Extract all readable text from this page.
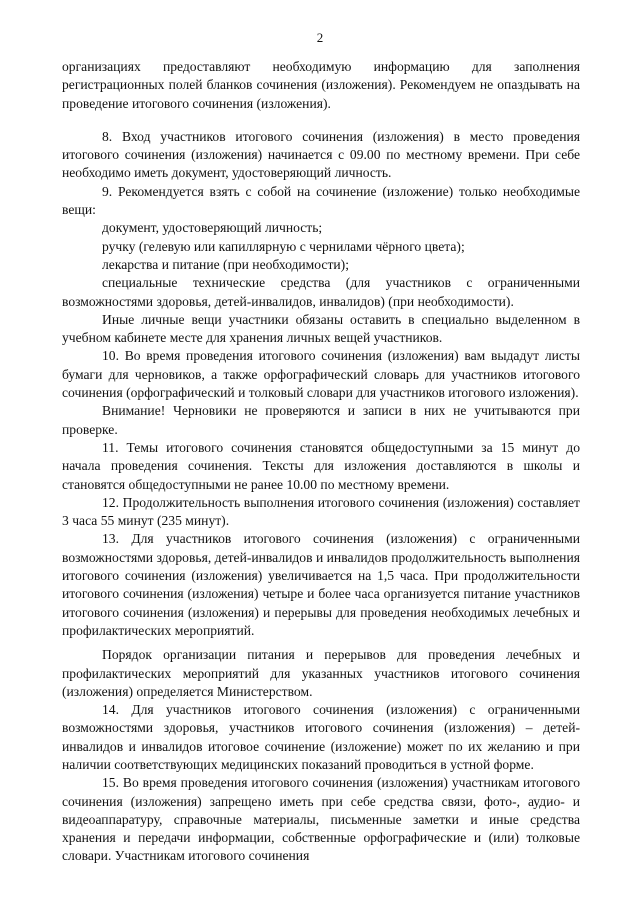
2

организациях предоставляют необходимую информацию для заполнения регистрационных полей бланков сочинения (изложения). Рекомендуем не опаздывать на проведение итогового сочинения (изложения).

8. Вход участников итогового сочинения (изложения) в место проведения итогового сочинения (изложения) начинается с 09.00 по местному времени. При себе необходимо иметь документ, удостоверяющий личность.

9. Рекомендуется взять с собой на сочинение (изложение) только необходимые вещи:

документ, удостоверяющий личность;

ручку (гелевую или капиллярную с чернилами чёрного цвета);

лекарства и питание (при необходимости);

специальные технические средства (для участников с ограниченными возможностями здоровья, детей-инвалидов, инвалидов) (при необходимости).

Иные личные вещи участники обязаны оставить в специально выделенном в учебном кабинете месте для хранения личных вещей участников.

10. Во время проведения итогового сочинения (изложения) вам выдадут листы бумаги для черновиков, а также орфографический словарь для участников итогового сочинения (орфографический и толковый словари для участников итогового изложения).

Внимание! Черновики не проверяются и записи в них не учитываются при проверке.

11. Темы итогового сочинения становятся общедоступными за 15 минут до начала проведения сочинения. Тексты для изложения доставляются в школы и становятся общедоступными не ранее 10.00 по местному времени.

12. Продолжительность выполнения итогового сочинения (изложения) составляет 3 часа 55 минут (235 минут).

13. Для участников итогового сочинения (изложения) с ограниченными возможностями здоровья, детей-инвалидов и инвалидов продолжительность выполнения итогового сочинения (изложения) увеличивается на 1,5 часа. При продолжительности итогового сочинения (изложения) четыре и более часа организуется питание участников итогового сочинения (изложения) и перерывы для проведения необходимых лечебных и профилактических мероприятий.

Порядок организации питания и перерывов для проведения лечебных и профилактических мероприятий для указанных участников итогового сочинения (изложения) определяется Министерством.

14. Для участников итогового сочинения (изложения) с ограниченными возможностями здоровья, участников итогового сочинения (изложения) – детей-инвалидов и инвалидов итоговое сочинение (изложение) может по их желанию и при наличии соответствующих медицинских показаний проводиться в устной форме.

15. Во время проведения итогового сочинения (изложения) участникам итогового сочинения (изложения) запрещено иметь при себе средства связи, фото-, аудио- и видеоаппаратуру, справочные материалы, письменные заметки и иные средства хранения и передачи информации, собственные орфографические и (или) толковые словари. Участникам итогового сочинения
